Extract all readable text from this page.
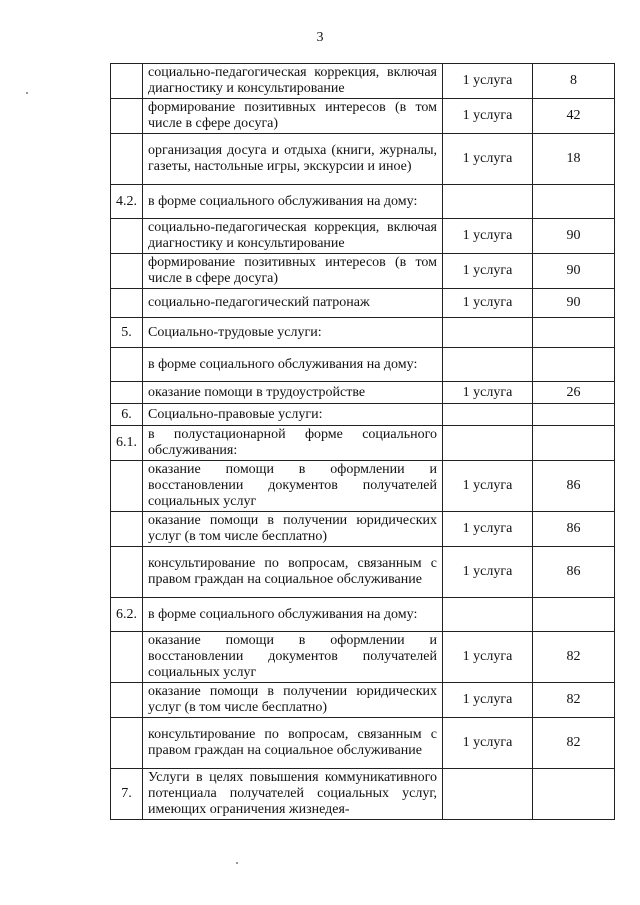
3
	социально-педагогическая коррекция, включая диагностику и консультирование	1 услуга	8
	формирование позитивных интересов (в том числе в сфере досуга)	1 услуга	42
	организация досуга и отдыха (книги, журналы, газеты, настольные игры, экскурсии и иное)	1 услуга	18
4.2.	в форме социального обслуживания на дому:		
	социально-педагогическая коррекция, включая диагностику и консультирование	1 услуга	90
	формирование позитивных интересов (в том числе в сфере досуга)	1 услуга	90
	социально-педагогический патронаж	1 услуга	90
5.	Социально-трудовые услуги:		
	в форме социального обслуживания на дому:		
	оказание помощи в трудоустройстве	1 услуга	26
6.	Социально-правовые услуги:		
6.1.	в полустационарной форме социального обслуживания:		
	оказание помощи в оформлении и восстановлении документов получателей социальных услуг	1 услуга	86
	оказание помощи в получении юридических услуг (в том числе бесплатно)	1 услуга	86
	консультирование по вопросам, связанным с правом граждан на социальное обслуживание	1 услуга	86
6.2.	в форме социального обслуживания на дому:		
	оказание помощи в оформлении и восстановлении документов получателей социальных услуг	1 услуга	82
	оказание помощи в получении юридических услуг (в том числе бесплатно)	1 услуга	82
	консультирование по вопросам, связанным с правом граждан на социальное обслуживание	1 услуга	82
7.	Услуги в целях повышения коммуникативного потенциала получателей социальных услуг, имеющих ограничения жизнедея-		
